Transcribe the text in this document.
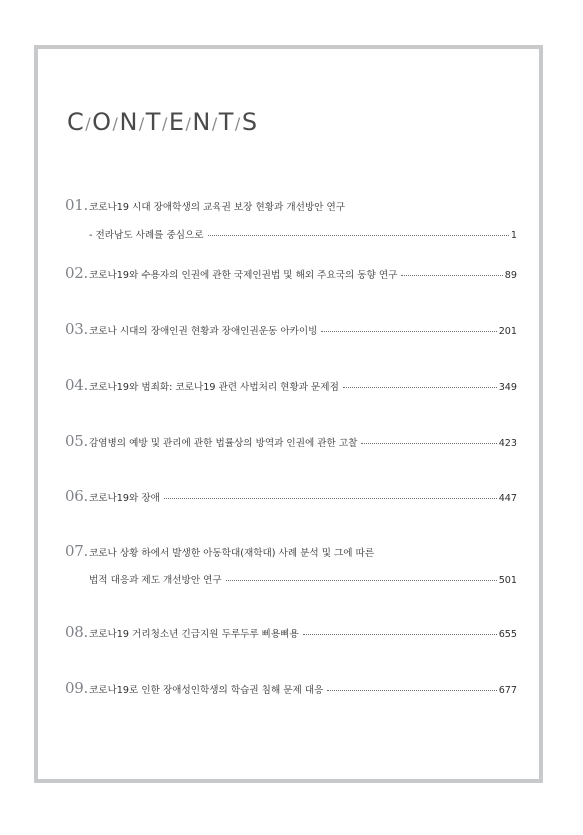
C/O/N/T/E/N/T/S
01. 코로나19 시대 장애학생의 교육권 보장 현황과 개선방안 연구
- 전라남도 사례를 중심으로	1
02. 코로나19와 수용자의 인권에 관한 국제인권법 및 해외 주요국의 동향 연구	89
03. 코로나 시대의 장애인권 현황과 장애인권운동 아카이빙	201
04. 코로나19와 범죄화: 코로나19 관련 사법처리 현황과 문제점	349
05. 감염병의 예방 및 관리에 관한 법률상의 방역과 인권에 관한 고찰	423
06. 코로나19와 장애	447
07. 코로나 상황 하에서 발생한 아동학대(재학대) 사례 분석 및 그에 따른
법적 대응과 제도 개선방안 연구	501
08. 코로나19 거리청소년 긴급지원 두루두루 삐용삐용	655
09. 코로나19로 인한 장애성인학생의 학습권 침해 문제 대응	677
